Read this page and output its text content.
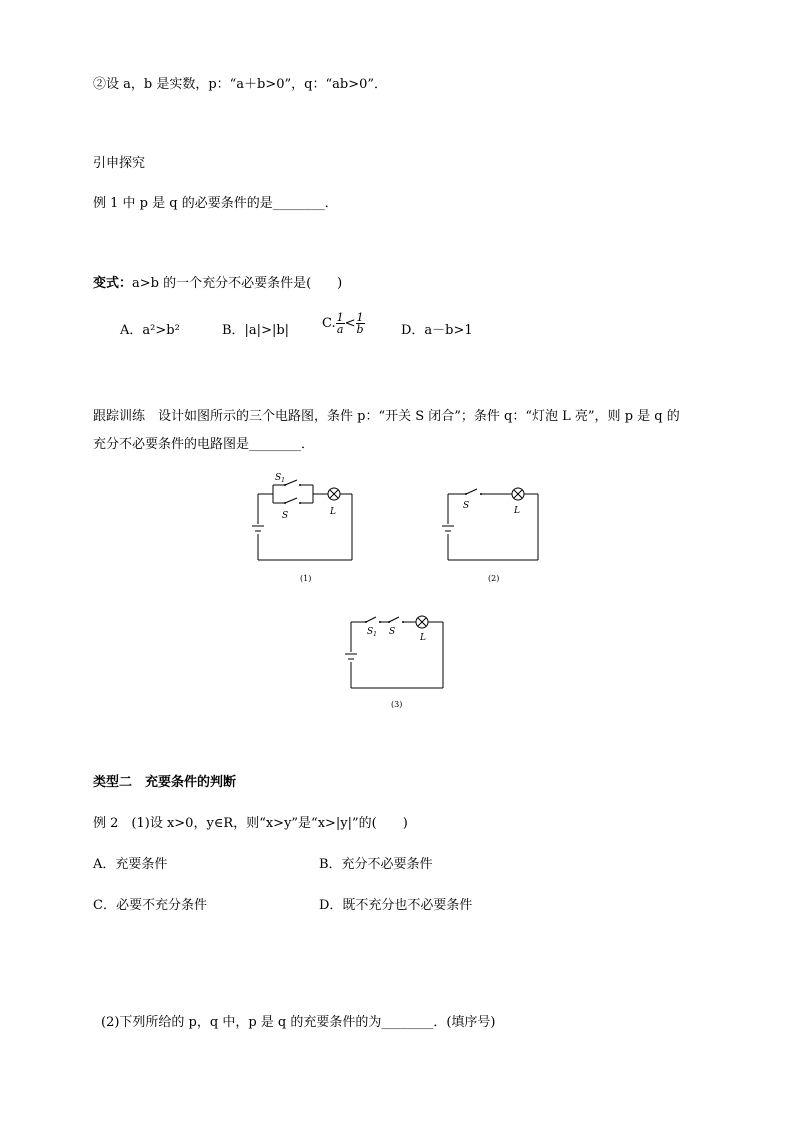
②设 a，b 是实数，p：“a＋b>0”，q：“ab>0”．
引申探究
例 1 中 p 是 q 的必要条件的是________．
变式：a>b 的一个充分不必要条件是(　　)
A．a²>b²	B．|a|>|b|	C. $\frac{1}{a} < \frac{1}{b}$	D．a－b>1
跟踪训练　设计如图所示的三个电路图，条件 p：“开关 S 闭合”；条件 q：“灯泡 L 亮”，则 p 是 q 的
充分不必要条件的电路图是________．
$S_1$
S	L
(1)
S	L
(2)
$S_1$ S
L
(3)
类型二　充要条件的判断
例 2　(1)设 x>0，y∈R，则“x>y”是“x>|y|”的(　　)
A．充要条件	B．充分不必要条件
C．必要不充分条件	D．既不充分也不必要条件
(2)下列所给的 p，q 中，p 是 q 的充要条件的为________．(填序号)
